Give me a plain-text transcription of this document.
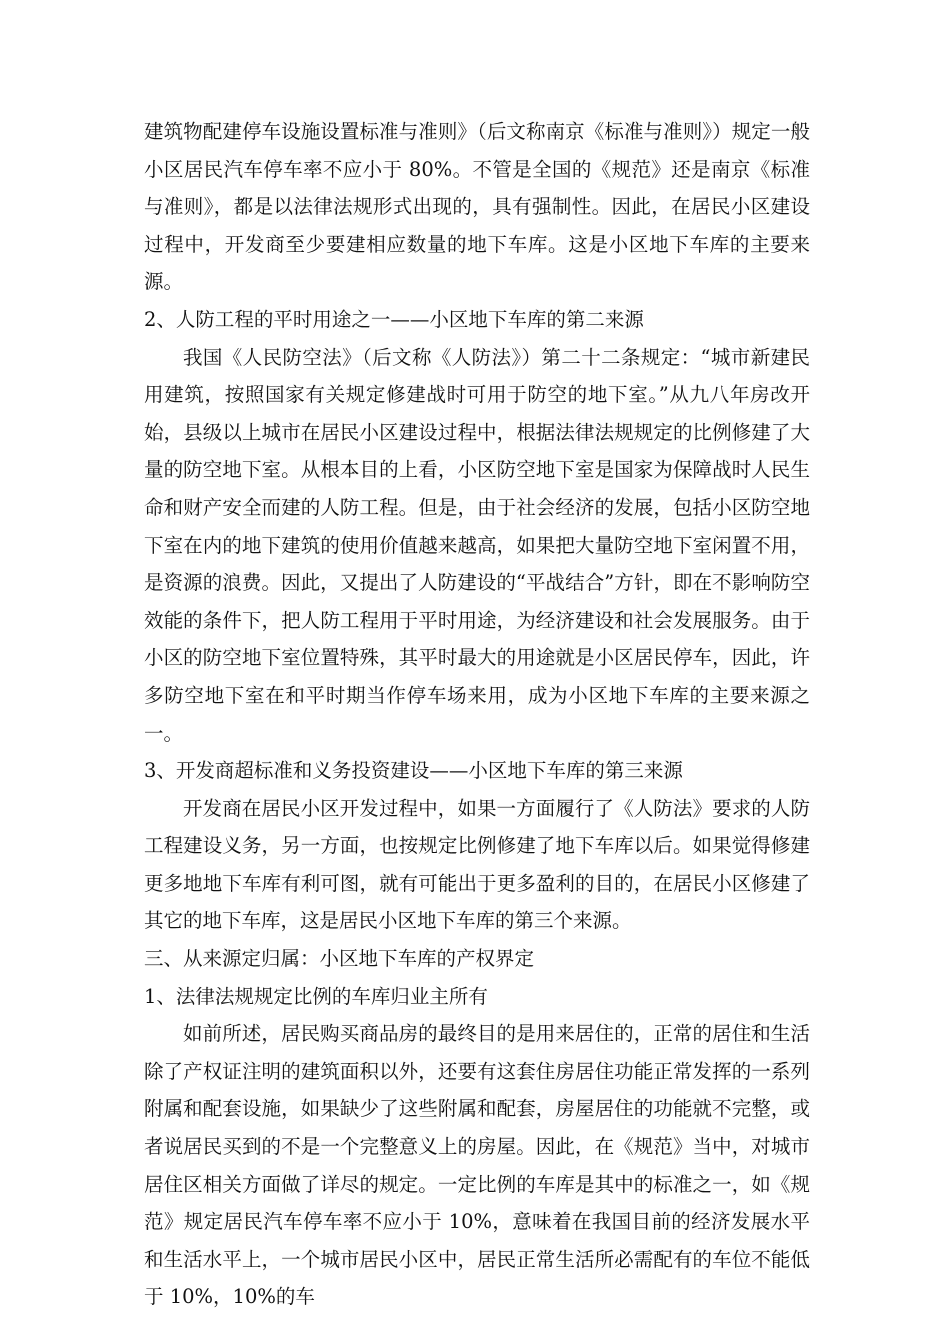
建筑物配建停车设施设置标准与准则》（后文称南京《标准与准则》）规定一般小区居民汽车停车率不应小于 80%。不管是全国的《规范》还是南京《标准与准则》，都是以法律法规形式出现的，具有强制性。因此，在居民小区建设过程中，开发商至少要建相应数量的地下车库。这是小区地下车库的主要来源。

2、人防工程的平时用途之一——小区地下车库的第二来源

我国《人民防空法》（后文称《人防法》）第二十二条规定：“城市新建民用建筑，按照国家有关规定修建战时可用于防空的地下室。”从九八年房改开始，县级以上城市在居民小区建设过程中，根据法律法规规定的比例修建了大量的防空地下室。从根本目的上看，小区防空地下室是国家为保障战时人民生命和财产安全而建的人防工程。但是，由于社会经济的发展，包括小区防空地下室在内的地下建筑的使用价值越来越高，如果把大量防空地下室闲置不用，是资源的浪费。因此，又提出了人防建设的“平战结合”方针，即在不影响防空效能的条件下，把人防工程用于平时用途，为经济建设和社会发展服务。由于小区的防空地下室位置特殊，其平时最大的用途就是小区居民停车，因此，许多防空地下室在和平时期当作停车场来用，成为小区地下车库的主要来源之一。

3、开发商超标准和义务投资建设——小区地下车库的第三来源

开发商在居民小区开发过程中，如果一方面履行了《人防法》要求的人防工程建设义务，另一方面，也按规定比例修建了地下车库以后。如果觉得修建更多地地下车库有利可图，就有可能出于更多盈利的目的，在居民小区修建了其它的地下车库，这是居民小区地下车库的第三个来源。

三、从来源定归属：小区地下车库的产权界定

1、法律法规规定比例的车库归业主所有

如前所述，居民购买商品房的最终目的是用来居住的，正常的居住和生活除了产权证注明的建筑面积以外，还要有这套住房居住功能正常发挥的一系列附属和配套设施，如果缺少了这些附属和配套，房屋居住的功能就不完整，或者说居民买到的不是一个完整意义上的房屋。因此，在《规范》当中，对城市居住区相关方面做了详尽的规定。一定比例的车库是其中的标准之一，如《规范》规定居民汽车停车率不应小于 10%，意味着在我国目前的经济发展水平和生活水平上，一个城市居民小区中，居民正常生活所必需配有的车位不能低于 10%，10%的车
